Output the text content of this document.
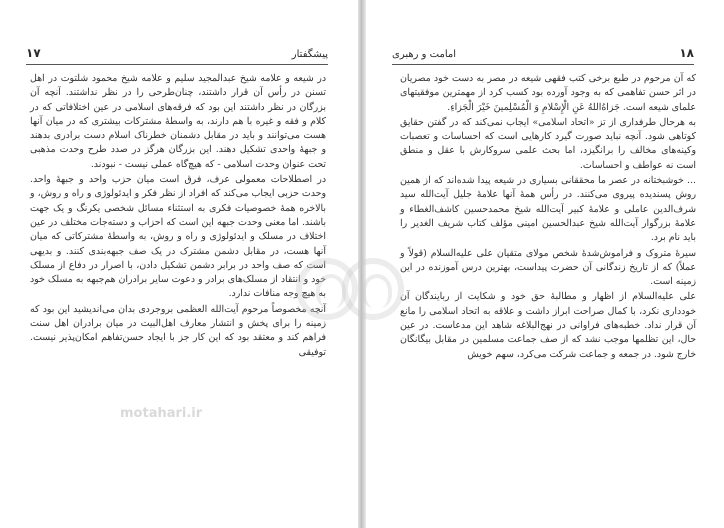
۱۷	پیشگفتار

در شیعه و علامه شیخ عبدالمجید سلیم و علامه شیخ محمود شلتوت در اهل تسنن در رأس آن قرار داشتند، چنان‌طرحی را در نظر نداشتند. آنچه آن بزرگان در نظر داشتند این بود که فرقه‌های اسلامی در عین اختلافاتی که در کلام و فقه و غیره با هم دارند، به واسطهٔ مشترکات بیشتری که در میان آنها هست می‌توانند و باید در مقابل دشمنان خطرناک اسلام دست برادری بدهند و جبههٔ واحدی تشکیل دهند. این بزرگان هرگز در صدد طرح وحدت مذهبی تحت عنوان وحدت اسلامی - که هیچ‌گاه عملی نیست - نبودند.

در اصطلاحات معمولی عرف، فرق است میان حزب واحد و جبههٔ واحد. وحدت حزبی ایجاب می‌کند که افراد از نظر فکر و ایدئولوژی و راه و روش، و بالاخره همهٔ خصوصیات فکری به استثناء مسائل شخصی یکرنگ و یک جهت باشند. اما معنی وحدت جبهه این است که احزاب و دسته‌جات مختلف در عین اختلاف در مسلک و ایدئولوژی و راه و روش، به واسطهٔ مشترکاتی که میان آنها هست، در مقابل دشمن مشترک در یک صف جبهه‌بندی کنند. و بدیهی است که صف واحد در برابر دشمن تشکیل دادن، با اصرار در دفاع از مسلک خود و انتقاد از مسلک‌های برادر و دعوت سایر برادران هم‌جبهه به مسلک خود به هیچ وجه منافات ندارد.

آنچه مخصوصاً مرحوم آیت‌الله العظمی بروجردی بدان می‌اندیشید این بود که زمینه را برای پخش و انتشار معارف اهل‌البیت در میان برادران اهل سنت فراهم کند و معتقد بود که این کار جز با ایجاد حسن‌تفاهم امکان‌پذیر نیست. توفیقی

۱۸
امامت و رهبری

که آن مرحوم در طبع برخی کتب فقهی شیعه در مصر به دست خود مصریان در اثر حسن تفاهمی که به وجود آورده بود کسب کرد از مهمترین موفقیتهای علمای شیعه است. جَزاهُ‌اللهُ عَنِ الْإِسْلامِ وَ الْمُسْلِمینَ خَیْرَ الْجَزاءِ.

به هرحال طرفداری از تز «اتحاد اسلامی» ایجاب نمی‌کند که در گفتن حقایق کوتاهی شود. آنچه نباید صورت گیرد کارهایی است که احساسات و تعصبات وکینه‌های مخالف را برانگیزد، اما بحث علمی سروکارش با عقل و منطق است نه عواطف و احساسات.

... خوشبختانه در عصر ما محققانی بسیاری در شیعه پیدا شده‌اند که از همین روش پسندیده پیروی می‌کنند. در رأس همهٔ آنها علامهٔ جلیل آیت‌الله سید شرف‌الدین عاملی و علامهٔ کبیر آیت‌الله شیخ محمدحسین کاشف‌الغطاء و علامهٔ بزرگوار آیت‌الله شیخ عبدالحسین امینی مؤلف کتاب شریف الغدیر را باید نام برد.

سیرهٔ متروک و فراموش‌شدهٔ شخص مولای متقیان علی علیه‌السلام (قولاً و عملاً) که از تاریخ زندگانی آن حضرت پیداست، بهترین درس آموزنده در این زمینه است.

علی علیه‌السلام از اظهار و مطالبهٔ حق خود و شکایت از ربایندگان آن خودداری نکرد، با کمال صراحت ابراز داشت و علاقه به اتحاد اسلامی را مانع آن قرار نداد. خطبه‌های فراوانی در نهج‌البلاغه شاهد این مدعاست. در عین حال، این تظلمها موجب نشد که از صف جماعت مسلمین در مقابل بیگانگان خارج شود. در جمعه و جماعت شرکت می‌کرد، سهم خویش

motahari.ir
